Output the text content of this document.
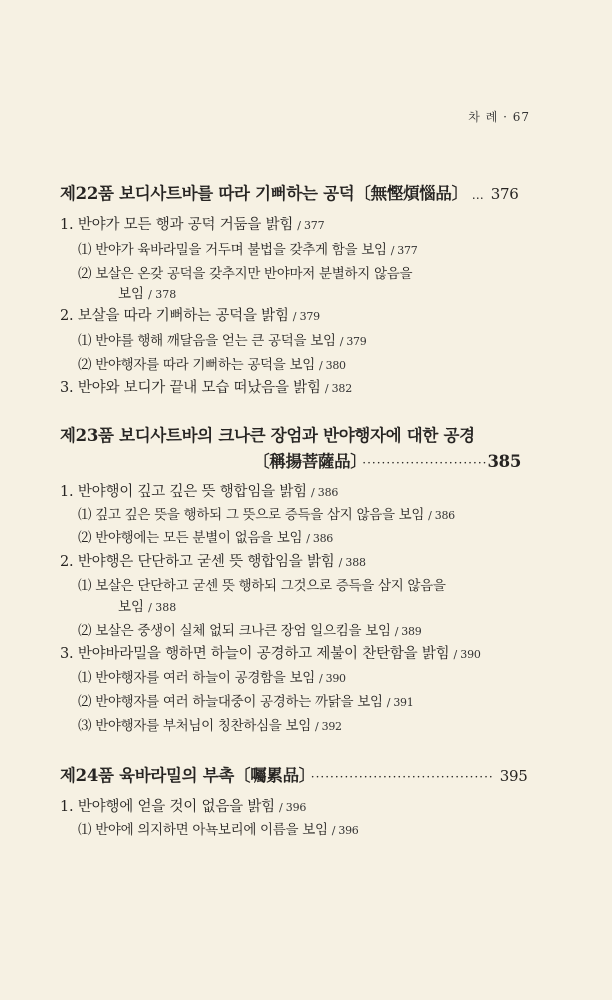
차 례 · 67
제22품 보디사트바를 따라 기뻐하는 공덕〔無慳煩惱品〕 … 376
1. 반야가 모든 행과 공덕 거둠을 밝힘 / 377
⑴ 반야가 육바라밀을 거두며 불법을 갖추게 함을 보임 / 377
⑵ 보살은 온갖 공덕을 갖추지만 반야마저 분별하지 않음을
보임 / 378
2. 보살을 따라 기뻐하는 공덕을 밝힘 / 379
⑴ 반야를 행해 깨달음을 얻는 큰 공덕을 보임 / 379
⑵ 반야행자를 따라 기뻐하는 공덕을 보임 / 380
3. 반야와 보디가 끝내 모습 떠났음을 밝힘 / 382
제23품 보디사트바의 크나큰 장엄과 반야행자에 대한 공경
〔稱揚菩薩品〕 ··························385
1. 반야행이 깊고 깊은 뜻 행합임을 밝힘 / 386
⑴ 깊고 깊은 뜻을 행하되 그 뜻으로 증득을 삼지 않음을 보임 / 386
⑵ 반야행에는 모든 분별이 없음을 보임 / 386
2. 반야행은 단단하고 굳센 뜻 행합임을 밝힘 / 388
⑴ 보살은 단단하고 굳센 뜻 행하되 그것으로 증득을 삼지 않음을
보임 / 388
⑵ 보살은 중생이 실체 없되 크나큰 장엄 일으킴을 보임 / 389
3. 반야바라밀을 행하면 하늘이 공경하고 제불이 찬탄함을 밝힘 / 390
⑴ 반야행자를 여러 하늘이 공경함을 보임 / 390
⑵ 반야행자를 여러 하늘대중이 공경하는 까닭을 보임 / 391
⑶ 반야행자를 부처님이 칭찬하심을 보임 / 392
제24품 육바라밀의 부촉〔囑累品〕 ······································ 395
1. 반야행에 얻을 것이 없음을 밝힘 / 396
⑴ 반야에 의지하면 아뇩보리에 이름을 보임 / 396
